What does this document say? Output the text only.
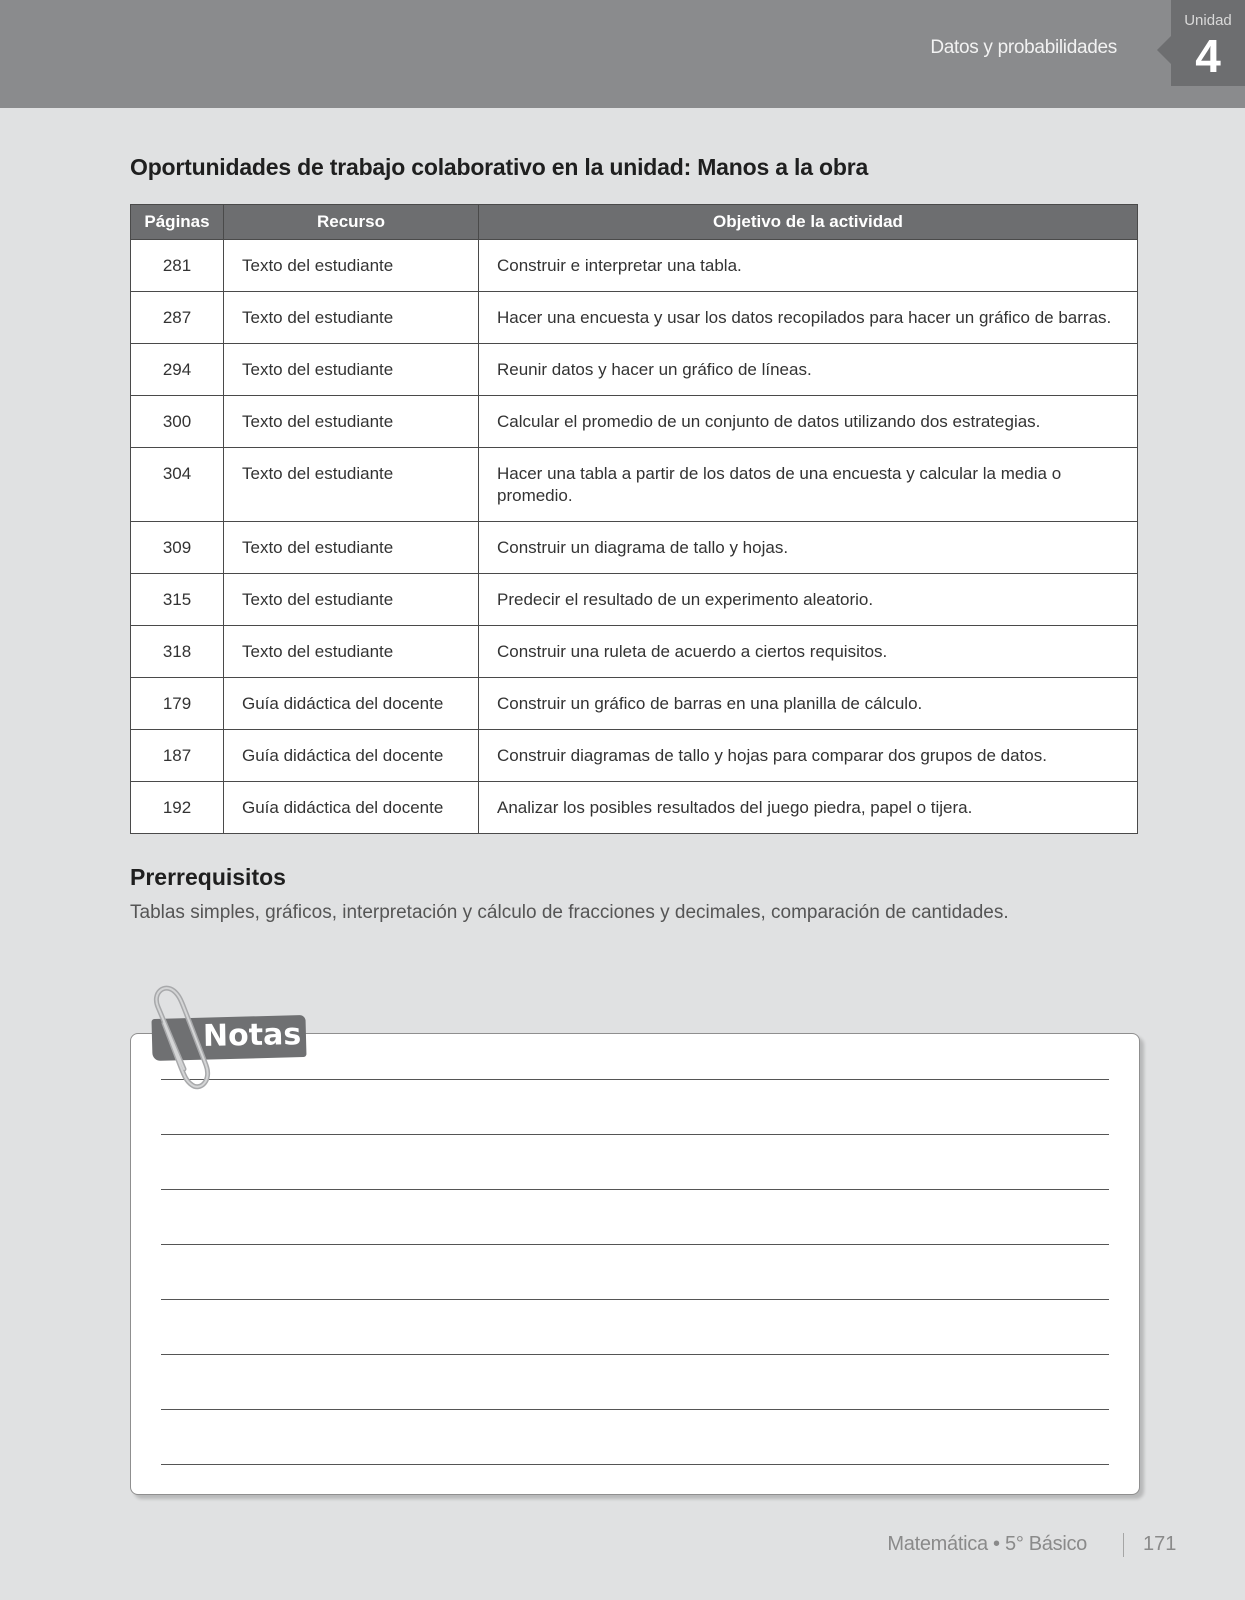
Datos y probabilidades
Unidad
4
Oportunidades de trabajo colaborativo en la unidad: Manos a la obra
Páginas	Recurso	Objetivo de la actividad
281	Texto del estudiante	Construir e interpretar una tabla.
287	Texto del estudiante	Hacer una encuesta y usar los datos recopilados para hacer un gráfico de barras.
294	Texto del estudiante	Reunir datos y hacer un gráfico de líneas.
300	Texto del estudiante	Calcular el promedio de un conjunto de datos utilizando dos estrategias.
304	Texto del estudiante	Hacer una tabla a partir de los datos de una encuesta y calcular la media o promedio.
309	Texto del estudiante	Construir un diagrama de tallo y hojas.
315	Texto del estudiante	Predecir el resultado de un experimento aleatorio.
318	Texto del estudiante	Construir una ruleta de acuerdo a ciertos requisitos.
179	Guía didáctica del docente	Construir un gráfico de barras en una planilla de cálculo.
187	Guía didáctica del docente	Construir diagramas de tallo y hojas para comparar dos grupos de datos.
192	Guía didáctica del docente	Analizar los posibles resultados del juego piedra, papel o tijera.
Prerrequisitos
Tablas simples, gráficos, interpretación y cálculo de fracciones y decimales, comparación de cantidades.
Notas
Matemática • 5° Básico	171
